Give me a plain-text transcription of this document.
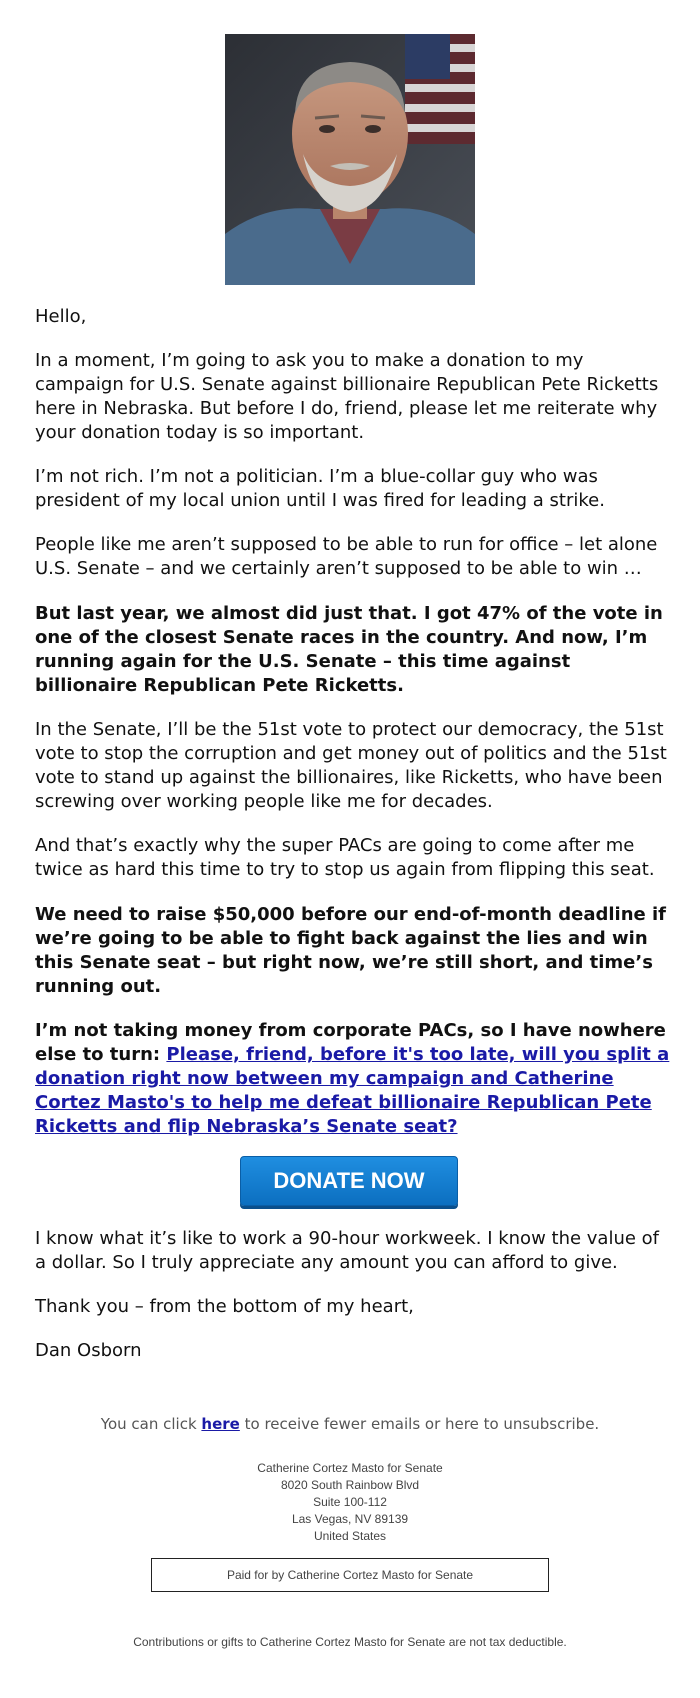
Hello,

In a moment, I’m going to ask you to make a donation to my campaign for U.S. Senate against billionaire Republican Pete Ricketts here in Nebraska. But before I do, friend, please let me reiterate why your donation today is so important.

I’m not rich. I’m not a politician. I’m a blue-collar guy who was president of my local union until I was fired for leading a strike.

People like me aren’t supposed to be able to run for office – let alone U.S. Senate – and we certainly aren’t supposed to be able to win …

But last year, we almost did just that. I got 47% of the vote in one of the closest Senate races in the country. And now, I’m running again for the U.S. Senate – this time against billionaire Republican Pete Ricketts.

In the Senate, I’ll be the 51st vote to protect our democracy, the 51st vote to stop the corruption and get money out of politics and the 51st vote to stand up against the billionaires, like Ricketts, who have been screwing over working people like me for decades.

And that’s exactly why the super PACs are going to come after me twice as hard this time to try to stop us again from flipping this seat.

We need to raise $50,000 before our end-of-month deadline if we’re going to be able to fight back against the lies and win this Senate seat – but right now, we’re still short, and time’s running out.

I’m not taking money from corporate PACs, so I have nowhere else to turn: Please, friend, before it's too late, will you split a donation right now between my campaign and Catherine Cortez Masto's to help me defeat billionaire Republican Pete Ricketts and flip Nebraska’s Senate seat?
DONATE NOW

I know what it’s like to work a 90-hour workweek. I know the value of a dollar. So I truly appreciate any amount you can afford to give.

Thank you – from the bottom of my heart,

Dan Osborn

You can click here to receive fewer emails or here to unsubscribe.
Catherine Cortez Masto for Senate
8020 South Rainbow Blvd
Suite 100-112
Las Vegas, NV 89139
United States
Paid for by Catherine Cortez Masto for Senate
Contributions or gifts to Catherine Cortez Masto for Senate are not tax deductible.
